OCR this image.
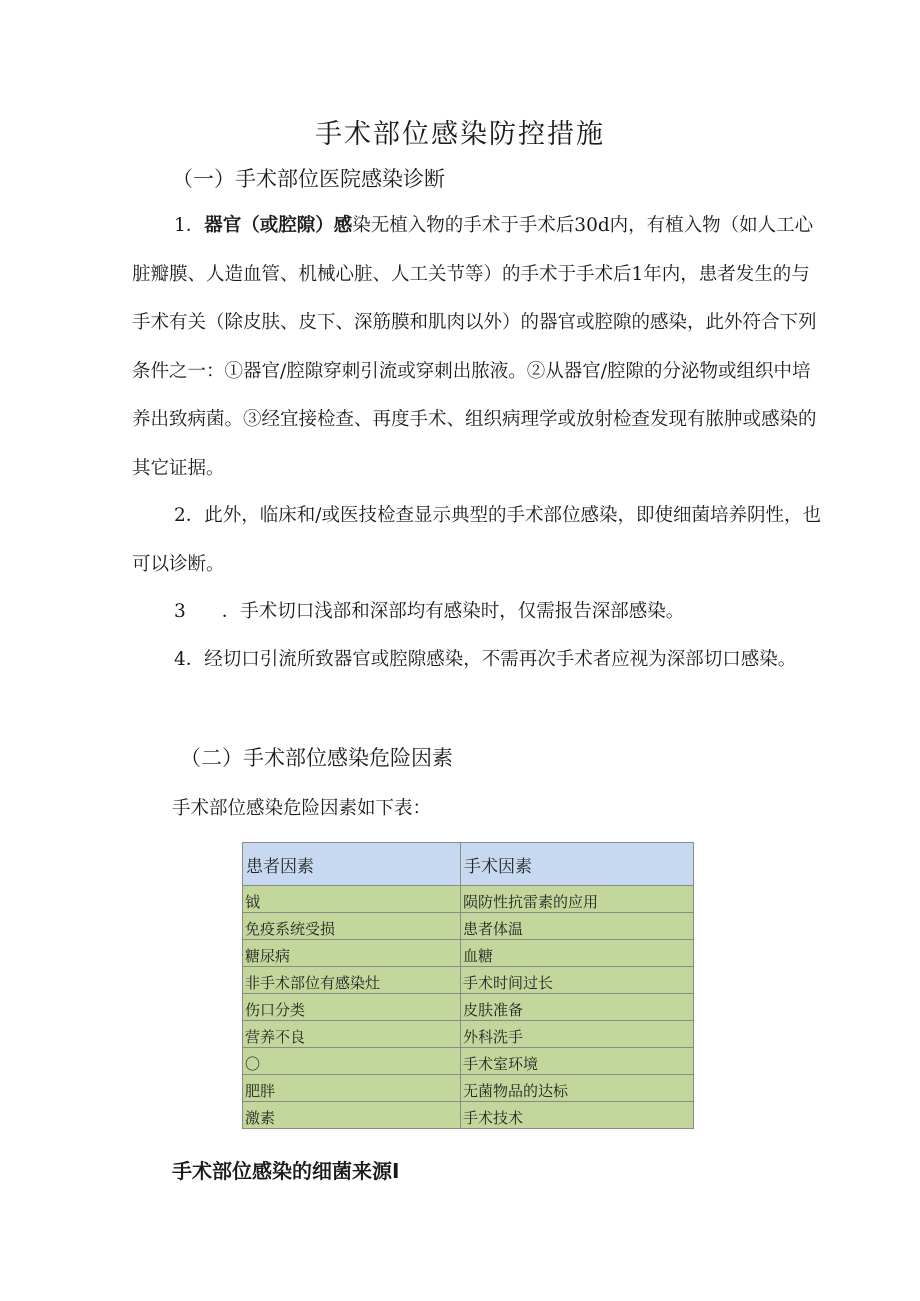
手术部位感染防控措施
（一）手术部位医院感染诊断
1．器官（或腔隙）感染无植入物的手术于手术后30d内，有植入物（如人工心脏瓣膜、人造血管、机械心脏、人工关节等）的手术于手术后1年内，患者发生的与手术有关（除皮肤、皮下、深筋膜和肌肉以外）的器官或腔隙的感染，此外符合下列条件之一：①器官/腔隙穿刺引流或穿刺出脓液。②从器官/腔隙的分泌物或组织中培养出致病菌。③经宜接检查、再度手术、组织病理学或放射检查发现有脓肿或感染的其它证据。
2．此外，临床和/或医技检查显示典型的手术部位感染，即使细菌培养阴性，也可以诊断。
3 ．手术切口浅部和深部均有感染时，仅需报告深部感染。
4．经切口引流所致器官或腔隙感染，不需再次手术者应视为深部切口感染。
（二）手术部位感染危险因素
手术部位感染危险因素如下表：
患者因素	手术因素
钺	陨防性抗雷素的应用
免疫系统受损	患者体温
糖尿病	血糖
非手术部位有感染灶	手术时间过长
伤口分类	皮肤准备
营养不良	外科洗手
〇	手术室环境
肥胖	无菌物品的达标
激素	手术技术
手术部位感染的细菌来源I
